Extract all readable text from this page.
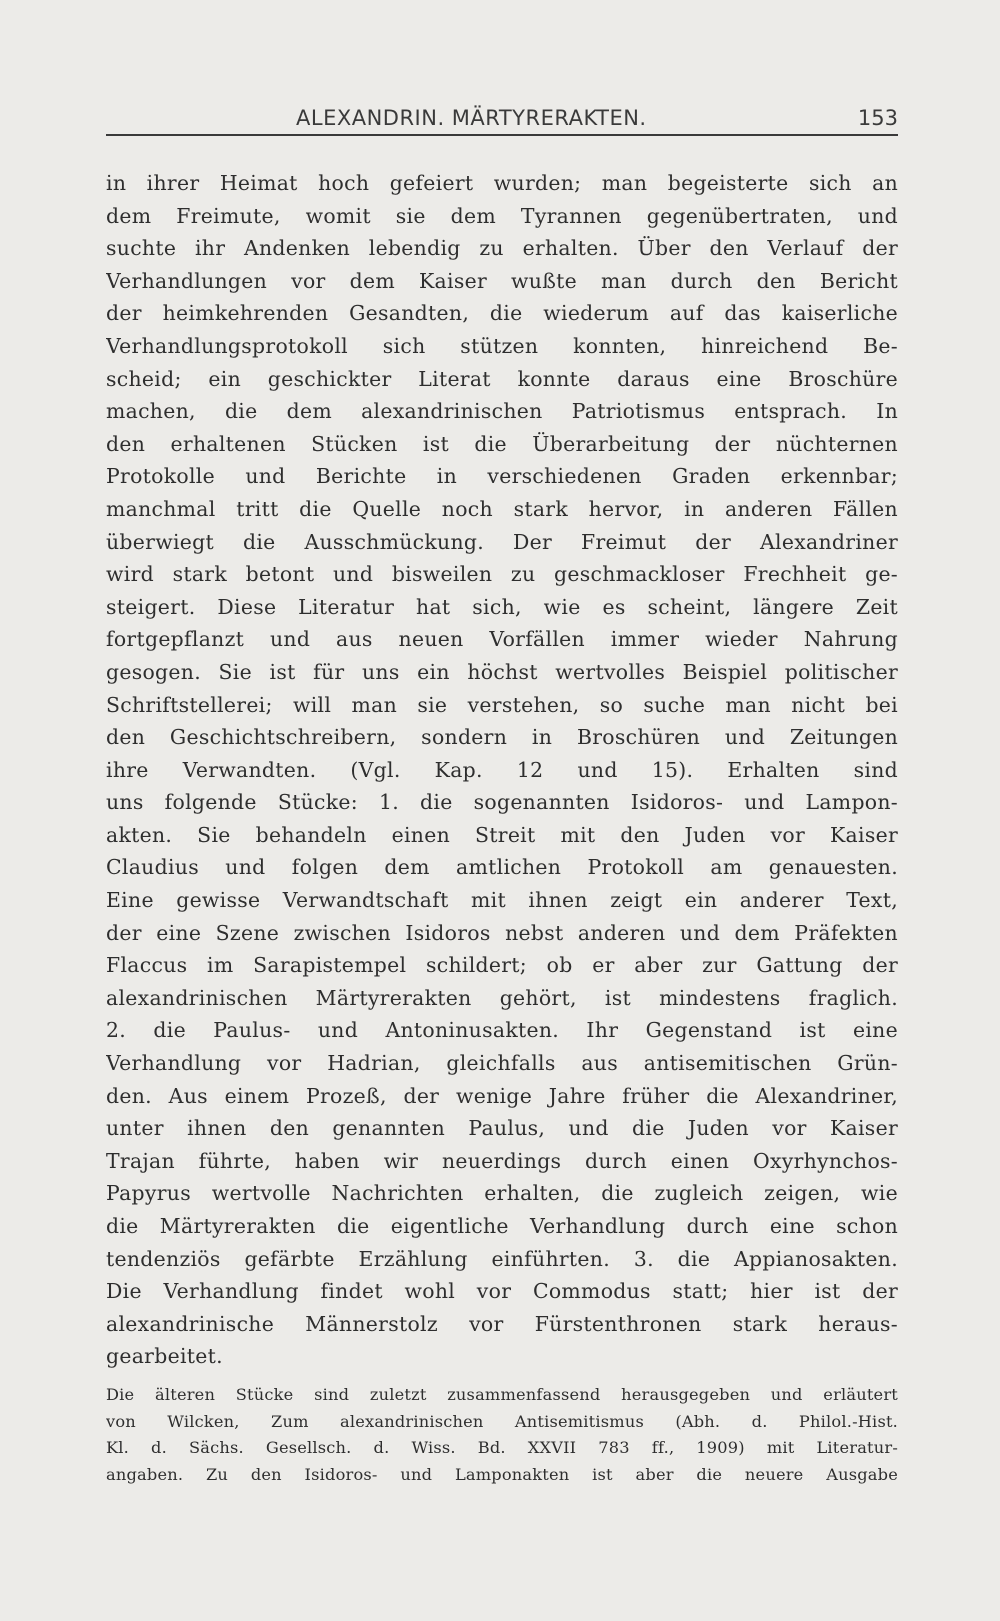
ALEXANDRIN. MÄRTYRERAKTEN.	153
in ihrer Heimat hoch gefeiert wurden; man begeisterte sich an
dem Freimute, womit sie dem Tyrannen gegenübertraten, und
suchte ihr Andenken lebendig zu erhalten. Über den Verlauf der
Verhandlungen vor dem Kaiser wußte man durch den Bericht
der heimkehrenden Gesandten, die wiederum auf das kaiserliche
Verhandlungsprotokoll sich stützen konnten, hinreichend Be-
scheid; ein geschickter Literat konnte daraus eine Broschüre
machen, die dem alexandrinischen Patriotismus entsprach. In
den erhaltenen Stücken ist die Überarbeitung der nüchternen
Protokolle und Berichte in verschiedenen Graden erkennbar;
manchmal tritt die Quelle noch stark hervor, in anderen Fällen
überwiegt die Ausschmückung. Der Freimut der Alexandriner
wird stark betont und bisweilen zu geschmackloser Frechheit ge-
steigert. Diese Literatur hat sich, wie es scheint, längere Zeit
fortgepflanzt und aus neuen Vorfällen immer wieder Nahrung
gesogen. Sie ist für uns ein höchst wertvolles Beispiel politischer
Schriftstellerei; will man sie verstehen, so suche man nicht bei
den Geschichtschreibern, sondern in Broschüren und Zeitungen
ihre Verwandten. (Vgl. Kap. 12 und 15). Erhalten sind
uns folgende Stücke: 1. die sogenannten Isidoros- und Lampon-
akten. Sie behandeln einen Streit mit den Juden vor Kaiser
Claudius und folgen dem amtlichen Protokoll am genauesten.
Eine gewisse Verwandtschaft mit ihnen zeigt ein anderer Text,
der eine Szene zwischen Isidoros nebst anderen und dem Präfekten
Flaccus im Sarapistempel schildert; ob er aber zur Gattung der
alexandrinischen Märtyrerakten gehört, ist mindestens fraglich.
2. die Paulus- und Antoninusakten. Ihr Gegenstand ist eine
Verhandlung vor Hadrian, gleichfalls aus antisemitischen Grün-
den. Aus einem Prozeß, der wenige Jahre früher die Alexandriner,
unter ihnen den genannten Paulus, und die Juden vor Kaiser
Trajan führte, haben wir neuerdings durch einen Oxyrhynchos-
Papyrus wertvolle Nachrichten erhalten, die zugleich zeigen, wie
die Märtyrerakten die eigentliche Verhandlung durch eine schon
tendenziös gefärbte Erzählung einführten. 3. die Appianosakten.
Die Verhandlung findet wohl vor Commodus statt; hier ist der
alexandrinische Männerstolz vor Fürstenthronen stark heraus-
gearbeitet.
Die älteren Stücke sind zuletzt zusammenfassend herausgegeben und erläutert
von Wilcken, Zum alexandrinischen Antisemitismus (Abh. d. Philol.-Hist.
Kl. d. Sächs. Gesellsch. d. Wiss. Bd. XXVII 783 ff., 1909) mit Literatur-
angaben. Zu den Isidoros- und Lamponakten ist aber die neuere Ausgabe
